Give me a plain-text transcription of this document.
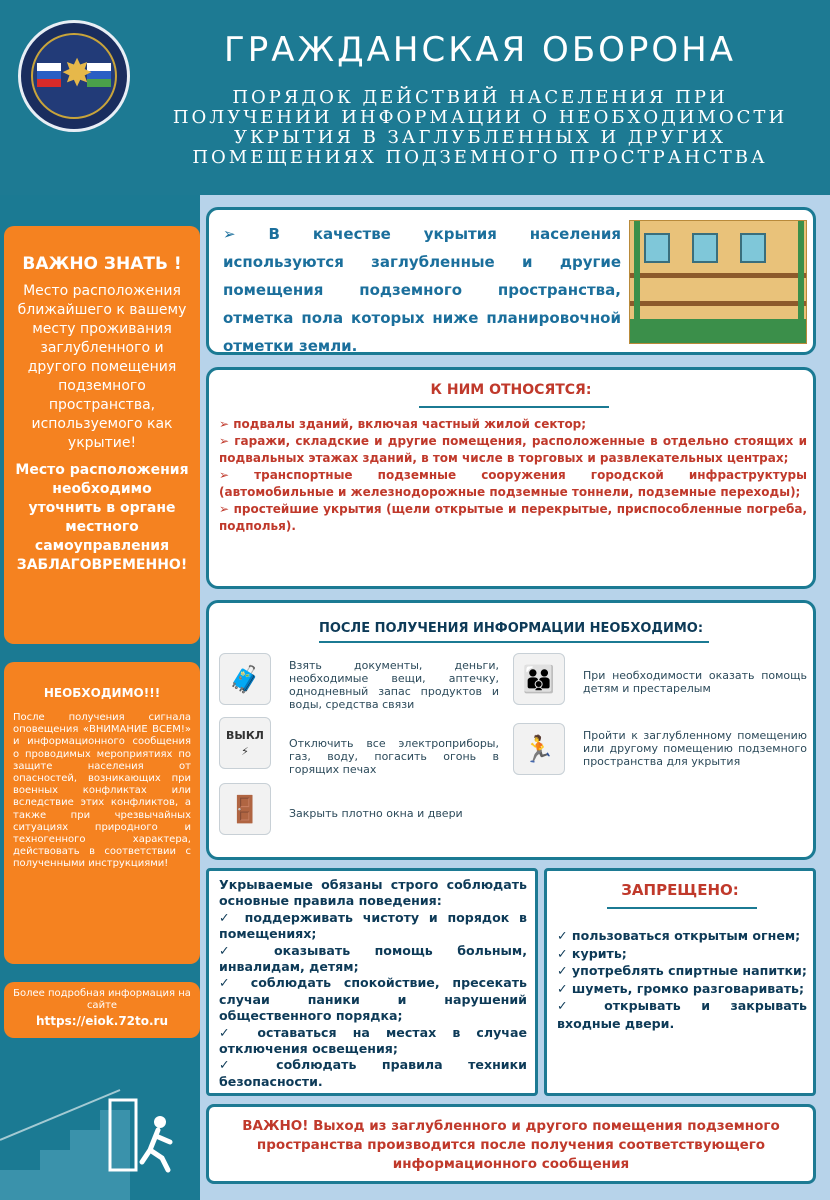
✸
ГРАЖДАНСКАЯ ОБОРОНА
ПОРЯДОК ДЕЙСТВИЙ НАСЕЛЕНИЯ ПРИ
ПОЛУЧЕНИИ ИНФОРМАЦИИ О НЕОБХОДИМОСТИ
УКРЫТИЯ В ЗАГЛУБЛЕННЫХ И ДРУГИХ
ПОМЕЩЕНИЯХ ПОДЗЕМНОГО ПРОСТРАНСТВА
ВАЖНО ЗНАТЬ !
Место расположения ближайшего к вашему месту проживания заглубленного и другого помещения подземного пространства, используемого как укрытие!
Место расположения необходимо уточнить в органе местного самоуправления ЗАБЛАГОВРЕМЕННО!
НЕОБХОДИМО!!!
После получения сигнала оповещения «ВНИМАНИЕ ВСЕМ!» и информационного сообщения о проводимых мероприятиях по защите населения от опасностей, возникающих при военных конфликтах или вследствие этих конфликтов, а также при чрезвычайных ситуациях природного и техногенного характера, действовать в соответствии с полученными инструкциями!
Более подробная информация на сайте
https://eiok.72to.ru
➢ В качестве укрытия населения используются заглубленные и другие помещения подземного пространства, отметка пола которых ниже планировочной отметки земли.
К НИМ ОТНОСЯТСЯ:

➢ подвалы зданий, включая частный жилой сектор;

➢ гаражи, складские и другие помещения, расположенные в отдельно стоящих и подвальных этажах зданий, в том числе в торговых и развлекательных центрах;

➢ транспортные подземные сооружения городской инфраструктуры (автомобильные и железнодорожные подземные тоннели, подземные переходы);

➢ простейшие укрытия (щели открытые и перекрытые, приспособленные погреба, подполья).

ПОСЛЕ ПОЛУЧЕНИЯ ИНФОРМАЦИИ НЕОБХОДИМО:
🧳	Взять документы, деньги, необходимые вещи, аптечку, однодневный запас продуктов и воды, средства связи
ВЫКЛ
⚡
Отключить все электроприборы, газ, воду, погасить огонь в горящих печах
🚪	Закрыть плотно окна и двери
👪	При необходимости оказать помощь детям и престарелым
🏃	Пройти к заглубленному помещению или другому помещению подземного пространства для укрытия
Укрываемые обязаны строго соблюдать основные правила поведения:
✓ поддерживать чистоту и порядок в помещениях;
✓ оказывать помощь больным, инвалидам, детям;
✓ соблюдать спокойствие, пресекать случаи паники и нарушений общественного порядка;
✓ оставаться на местах в случае отключения освещения;
✓ соблюдать правила техники безопасности.
ЗАПРЕЩЕНО:
✓ пользоваться открытым огнем;
✓ курить;
✓ употреблять спиртные напитки;
✓ шуметь, громко разговаривать;
✓ открывать и закрывать входные двери.
ВАЖНО! Выход из заглубленного и другого помещения подземного пространства производится после получения соответствующего информационного сообщения
